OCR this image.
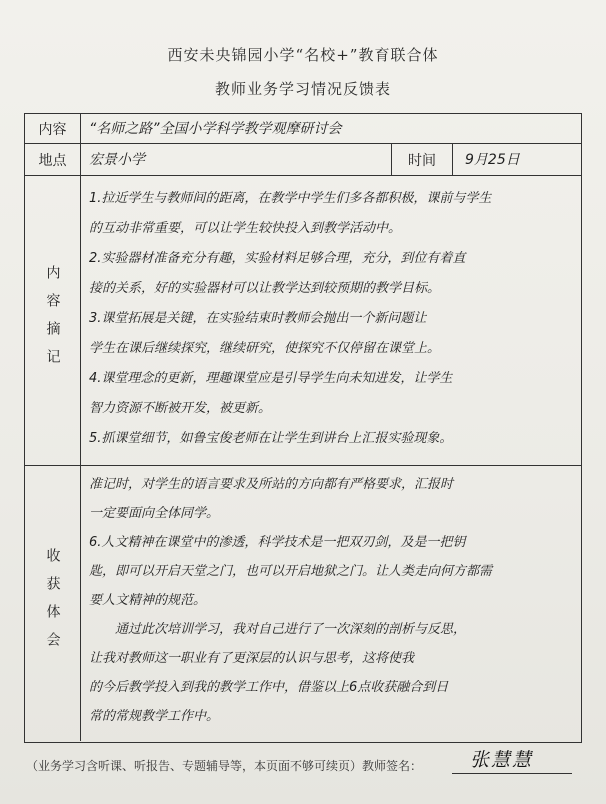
西安未央锦园小学“名校+”教育联合体
教师业务学习情况反馈表
内容	“名师之路”全国小学科学教学观摩研讨会
地点	宏景小学	时间	9月25日
内容摘记
1.拉近学生与教师间的距离，在教学中学生们多各都积极，课前与学生
的互动非常重要，可以让学生较快投入到教学活动中。
2.实验器材准备充分有趣，实验材料足够合理，充分，到位有着直
接的关系，好的实验器材可以让教学达到较预期的教学目标。
3.课堂拓展是关键，在实验结束时教师会抛出一个新问题让
学生在课后继续探究，继续研究，使探究不仅停留在课堂上。
4.课堂理念的更新，理趣课堂应是引导学生向未知进发，让学生
智力资源不断被开发，被更新。
5.抓课堂细节，如鲁宝俊老师在让学生到讲台上汇报实验现象。
收获体会
准记时，对学生的语言要求及所站的方向都有严格要求，汇报时
一定要面向全体同学。
6.人文精神在课堂中的渗透，科学技术是一把双刃剑，及是一把钥
匙，即可以开启天堂之门，也可以开启地狱之门。让人类走向何方都需
要人文精神的规范。
　　通过此次培训学习，我对自己进行了一次深刻的剖析与反思，
让我对教师这一职业有了更深层的认识与思考，这将使我
的今后教学投入到我的教学工作中，借鉴以上6点收获融合到日
常的常规教学工作中。
（业务学习含听课、听报告、专题辅导等，本页面不够可续页）教师签名：	张慧慧
